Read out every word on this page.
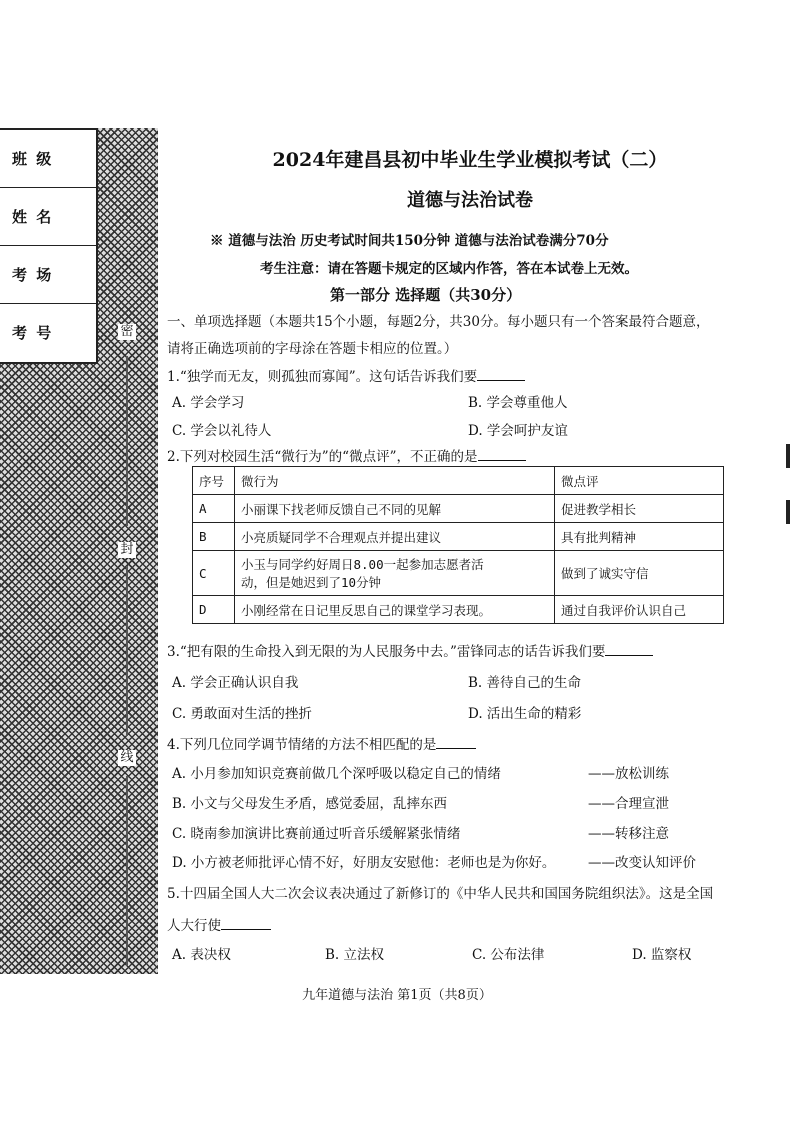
班 级
姓 名
考 场
考 号	密
封
线
2024年建昌县初中毕业生学业模拟考试（二）
道德与法治试卷
※ 道德与法治 历史考试时间共150分钟 道德与法治试卷满分70分
考生注意：请在答题卡规定的区域内作答，答在本试卷上无效。
第一部分 选择题（共30分）
一、单项选择题（本题共15个小题，每题2分，共30分。每小题只有一个答案最符合题意，
请将正确选项前的字母涂在答题卡相应的位置。）
1.“独学而无友，则孤独而寡闻”。这句话告诉我们要
A. 学会学习	B. 学会尊重他人
C. 学会以礼待人	D. 学会呵护友谊
2.下列对校园生活“微行为”的“微点评”，不正确的是
序号	微行为	微点评
A	小丽课下找老师反馈自己不同的见解	促进教学相长
B	小亮质疑同学不合理观点并提出建议	具有批判精神
C	小玉与同学约好周日8.00一起参加志愿者活
动，但是她迟到了10分钟	做到了诚实守信
D	小刚经常在日记里反思自己的课堂学习表现。	通过自我评价认识自己
3.“把有限的生命投入到无限的为人民服务中去。”雷锋同志的话告诉我们要
A. 学会正确认识自我	B. 善待自己的生命
C. 勇敢面对生活的挫折	D. 活出生命的精彩
4.下列几位同学调节情绪的方法不相匹配的是
A. 小月参加知识竞赛前做几个深呼吸以稳定自己的情绪	——放松训练
B. 小文与父母发生矛盾，感觉委屈，乱摔东西	——合理宣泄
C. 晓南参加演讲比赛前通过听音乐缓解紧张情绪	——转移注意
D. 小方被老师批评心情不好，好朋友安慰他：老师也是为你好。 ——改变认知评价
5.十四届全国人大二次会议表决通过了新修订的《中华人民共和国国务院组织法》。这是全国
人大行使
A. 表决权	B. 立法权	C. 公布法律	D. 监察权
九年道德与法治 第1页（共8页）
